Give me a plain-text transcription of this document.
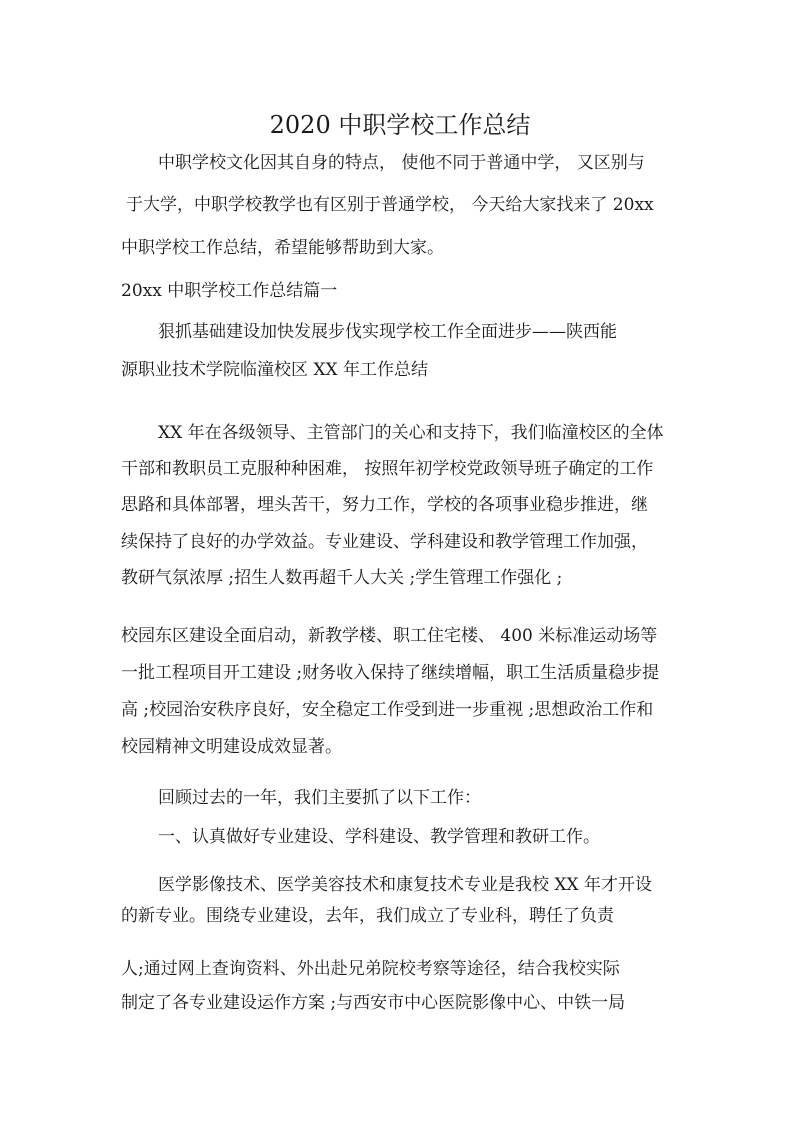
2020 中职学校工作总结
中职学校文化因其自身的特点， 使他不同于普通中学， 又区别与
于大学，中职学校教学也有区别于普通学校， 今天给大家找来了 20xx
中职学校工作总结，希望能够帮助到大家。
20xx 中职学校工作总结篇一
狠抓基础建设加快发展步伐实现学校工作全面进步——陕西能
源职业技术学院临潼校区 XX 年工作总结
XX 年在各级领导、主管部门的关心和支持下，我们临潼校区的全体
干部和教职员工克服种种困难， 按照年初学校党政领导班子确定的工作
思路和具体部署，埋头苦干，努力工作，学校的各项事业稳步推进，继
续保持了良好的办学效益。专业建设、学科建设和教学管理工作加强，
教研气氛浓厚 ;招生人数再超千人大关 ;学生管理工作强化 ;
校园东区建设全面启动，新教学楼、职工住宅楼、 400 米标准运动场等
一批工程项目开工建设 ;财务收入保持了继续增幅，职工生活质量稳步提
高 ;校园治安秩序良好，安全稳定工作受到进一步重视 ;思想政治工作和
校园精神文明建设成效显著。
回顾过去的一年，我们主要抓了以下工作：
一、认真做好专业建设、学科建设、教学管理和教研工作。
医学影像技术、医学美容技术和康复技术专业是我校 XX 年才开设
的新专业。围绕专业建设，去年，我们成立了专业科，聘任了负责
人;通过网上查询资料、外出赴兄弟院校考察等途径，结合我校实际
制定了各专业建设运作方案 ;与西安市中心医院影像中心、中铁一局
